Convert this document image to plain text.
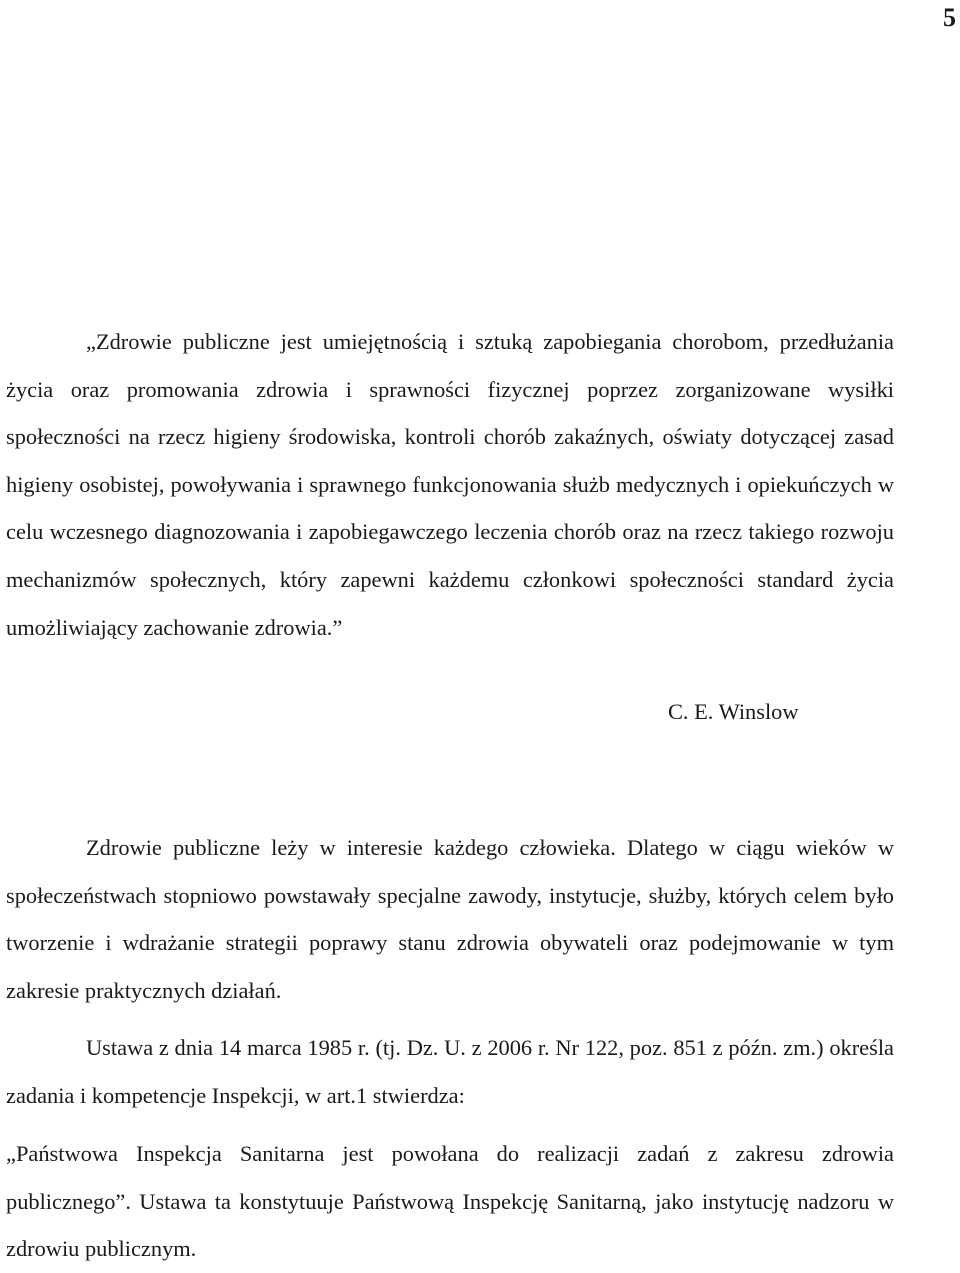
5

„Zdrowie publiczne jest umiejętnością i sztuką zapobiegania chorobom, przedłużania życia oraz promowania zdrowia i sprawności fizycznej poprzez zorganizowane wysiłki społeczności na rzecz higieny środowiska, kontroli chorób zakaźnych, oświaty dotyczącej zasad higieny osobistej, powoływania i sprawnego funkcjonowania służb medycznych i opiekuńczych w celu wczesnego diagnozowania i zapobiegawczego leczenia chorób oraz na rzecz takiego rozwoju mechanizmów społecznych, który zapewni każdemu członkowi społeczności standard życia umożliwiający zachowanie zdrowia.”

C. E. Winslow

Zdrowie publiczne leży w interesie każdego człowieka. Dlatego w ciągu wieków w społeczeństwach stopniowo powstawały specjalne zawody, instytucje, służby, których celem było tworzenie i wdrażanie strategii poprawy stanu zdrowia obywateli oraz podejmowanie w tym zakresie praktycznych działań.

Ustawa z dnia 14 marca 1985 r. (tj. Dz. U. z 2006 r. Nr 122, poz. 851 z późn. zm.) określa zadania i kompetencje Inspekcji, w art.1 stwierdza:

„Państwowa Inspekcja Sanitarna jest powołana do realizacji zadań z zakresu zdrowia publicznego”. Ustawa ta konstytuuje Państwową Inspekcję Sanitarną, jako instytucję nadzoru w zdrowiu publicznym.
